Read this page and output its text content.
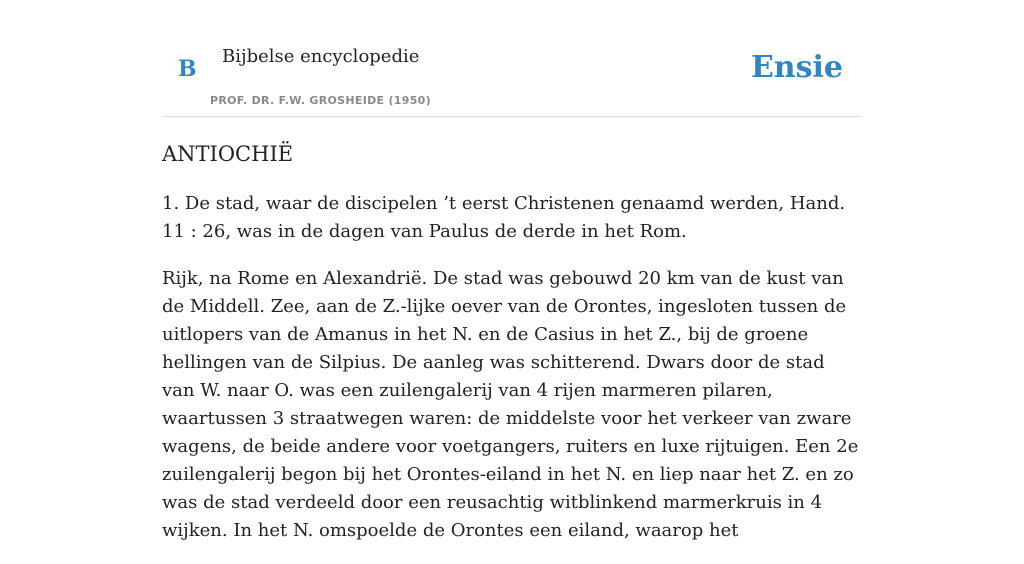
B Bijbelse encyclopedie
PROF. DR. F.W. GROSHEIDE (1950)
Ensie
ANTIOCHIË

1. De stad, waar de discipelen ’t eerst Christenen genaamd werden, Hand. 11 : 26, was in de dagen van Paulus de derde in het Rom.

Rijk, na Rome en Alexandrië. De stad was gebouwd 20 km van de kust van de Middell. Zee, aan de Z.-lijke oever van de Orontes, ingesloten tussen de uitlopers van de Amanus in het N. en de Casius in het Z., bij de groene hellingen van de Silpius. De aanleg was schitterend. Dwars door de stad van W. naar O. was een zuilengalerij van 4 rijen marmeren pilaren, waartussen 3 straatwegen waren: de middelste voor het verkeer van zware wagens, de beide andere voor voetgangers, ruiters en luxe rijtuigen. Een 2e zuilengalerij begon bij het Orontes-eiland in het N. en liep naar het Z. en zo was de stad verdeeld door een reusachtig witblinkend marmerkruis in 4 wijken. In het N. omspoelde de Orontes een eiland, waarop het
